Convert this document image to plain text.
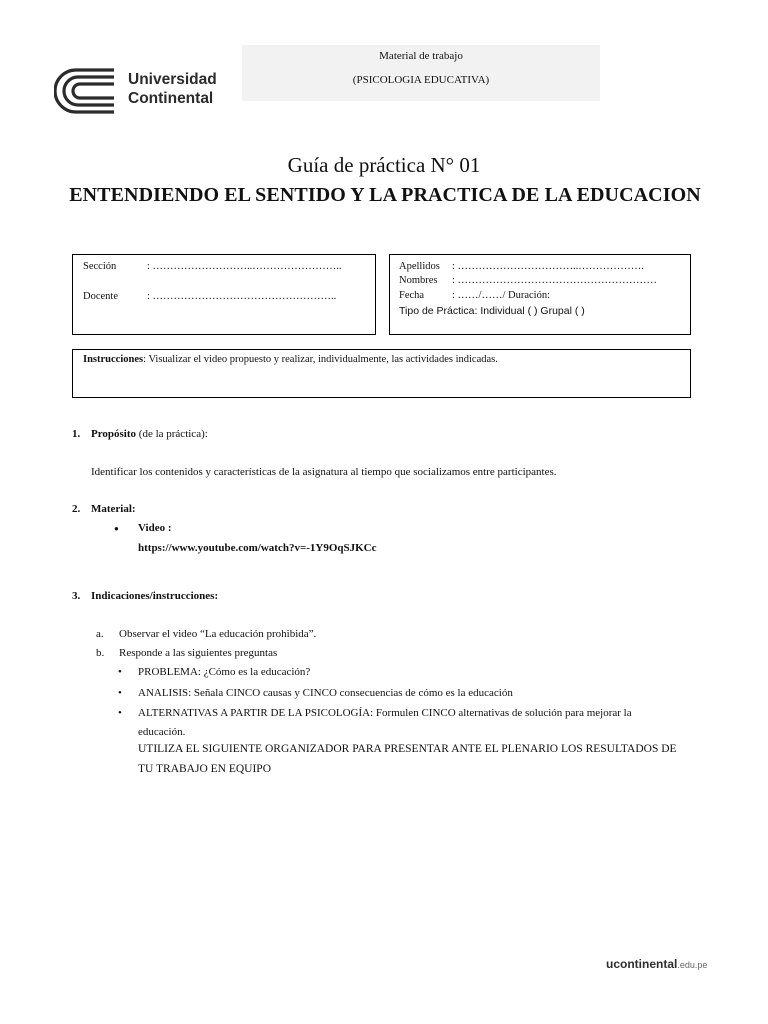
Universidad
Continental
Material de trabajo
(PSICOLOGIA EDUCATIVA)
Guía de práctica N° 01
ENTENDIENDO EL SENTIDO Y LA PRACTICA DE LA EDUCACION
Sección	: ………………………..……………………..
Docente	: ……………………………………………..
Apellidos : ……………………………..……………….
Nombres : …………………………………………………
Fecha	: ……/……/ Duración:
Tipo de Práctica: Individual ( ) Grupal ( )
Instrucciones: Visualizar el video propuesto y realizar, individualmente, las actividades indicadas.
1. Propósito (de la práctica):
Identificar los contenidos y características de la asignatura al tiempo que socializamos entre participantes.
2. Material:
● Video :
https://www.youtube.com/watch?v=-1Y9OqSJKCc
3. Indicaciones/instrucciones:
a. Observar el video “La educación prohibida”.
b. Responde a las siguientes preguntas
• PROBLEMA: ¿Cómo es la educación?
• ANALISIS: Señala CINCO causas y CINCO consecuencias de cómo es la educación
• ALTERNATIVAS A PARTIR DE LA PSICOLOGÍA: Formulen CINCO alternativas de solución para mejorar la
educación.
UTILIZA EL SIGUIENTE ORGANIZADOR PARA PRESENTAR ANTE EL PLENARIO LOS RESULTADOS DE
TU TRABAJO EN EQUIPO
ucontinental.edu.pe
